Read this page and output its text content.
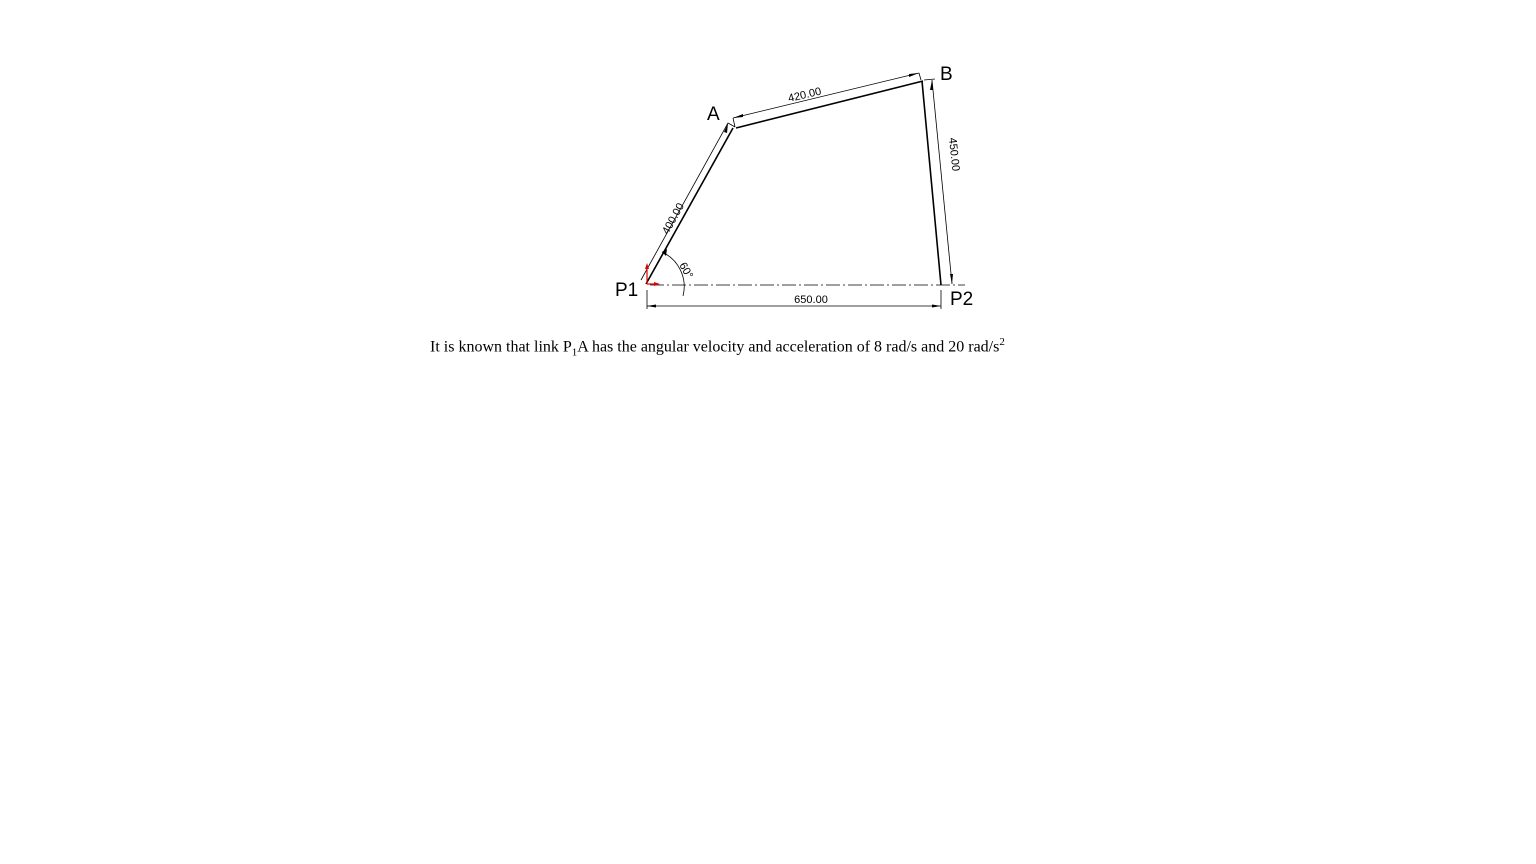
400.00
420.00
450.00
650.00
60°
P1
A
B
P2

It is known that link $P_1A$ has the angular velocity and acceleration of 8 rad/s and 20 rad/$s^2$
